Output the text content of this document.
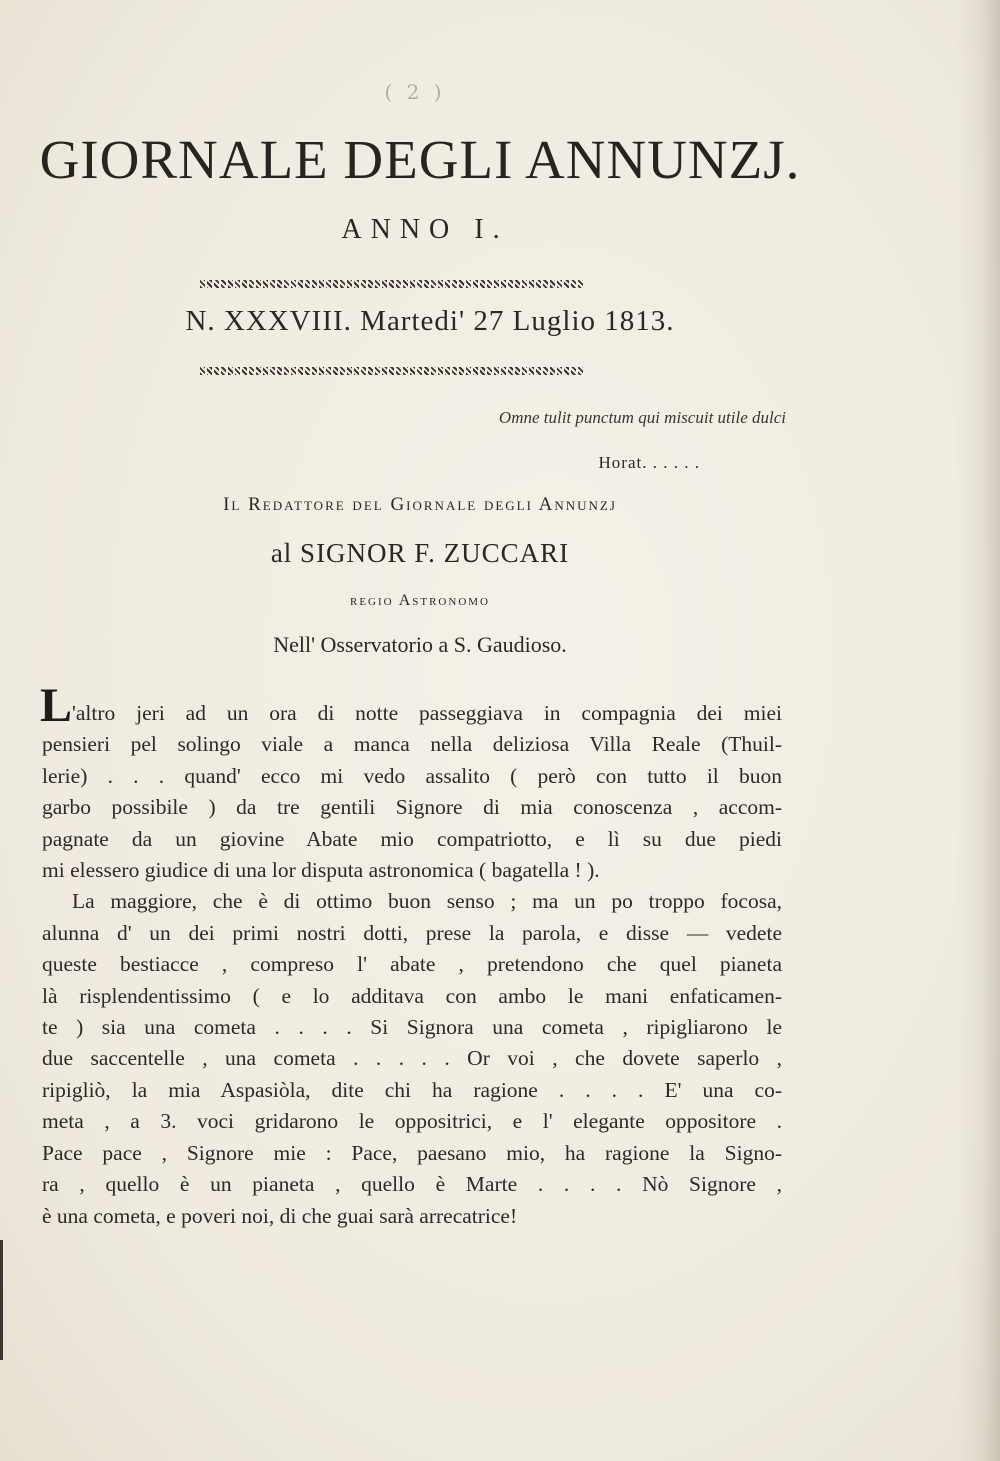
( 2 )
GIORNALE DEGLI ANNUNZJ.
ANNO I.
N. XXXVIII. Martedi' 27 Luglio 1813.
Omne tulit punctum qui miscuit utile dulci
Horat. . . . . .
Il Redattore del Giornale degli Annunzj
al SIGNOR F. ZUCCARI
regio Astronomo
Nell' Osservatorio a S. Gaudioso.
L 'altro jeri ad un ora di notte passeggiava in compagnia dei miei
pensieri pel solingo viale a manca nella deliziosa Villa Reale (Thuil-
lerie) . . . quand' ecco mi vedo assalito ( però con tutto il buon
garbo possibile ) da tre gentili Signore di mia conoscenza , accom-
pagnate da un giovine Abate mio compatriotto, e lì su due piedi
mi elessero giudice di una lor disputa astronomica ( bagatella ! ).
La maggiore, che è di ottimo buon senso ; ma un po troppo focosa,
alunna d' un dei primi nostri dotti, prese la parola, e disse — vedete
queste bestiacce , compreso l' abate , pretendono che quel pianeta
là risplendentissimo ( e lo additava con ambo le mani enfaticamen-
te ) sia una cometa . . . . Si Signora una cometa , ripigliarono le
due saccentelle , una cometa . . . . . Or voi , che dovete saperlo ,
ripigliò, la mia Aspasiòla, dite chi ha ragione . . . . E' una co-
meta , a 3. voci gridarono le oppositrici, e l' elegante oppositore .
Pace pace , Signore mie : Pace, paesano mio, ha ragione la Signo-
ra , quello è un pianeta , quello è Marte . . . . Nò Signore ,
è una cometa, e poveri noi, di che guai sarà arrecatrice!
